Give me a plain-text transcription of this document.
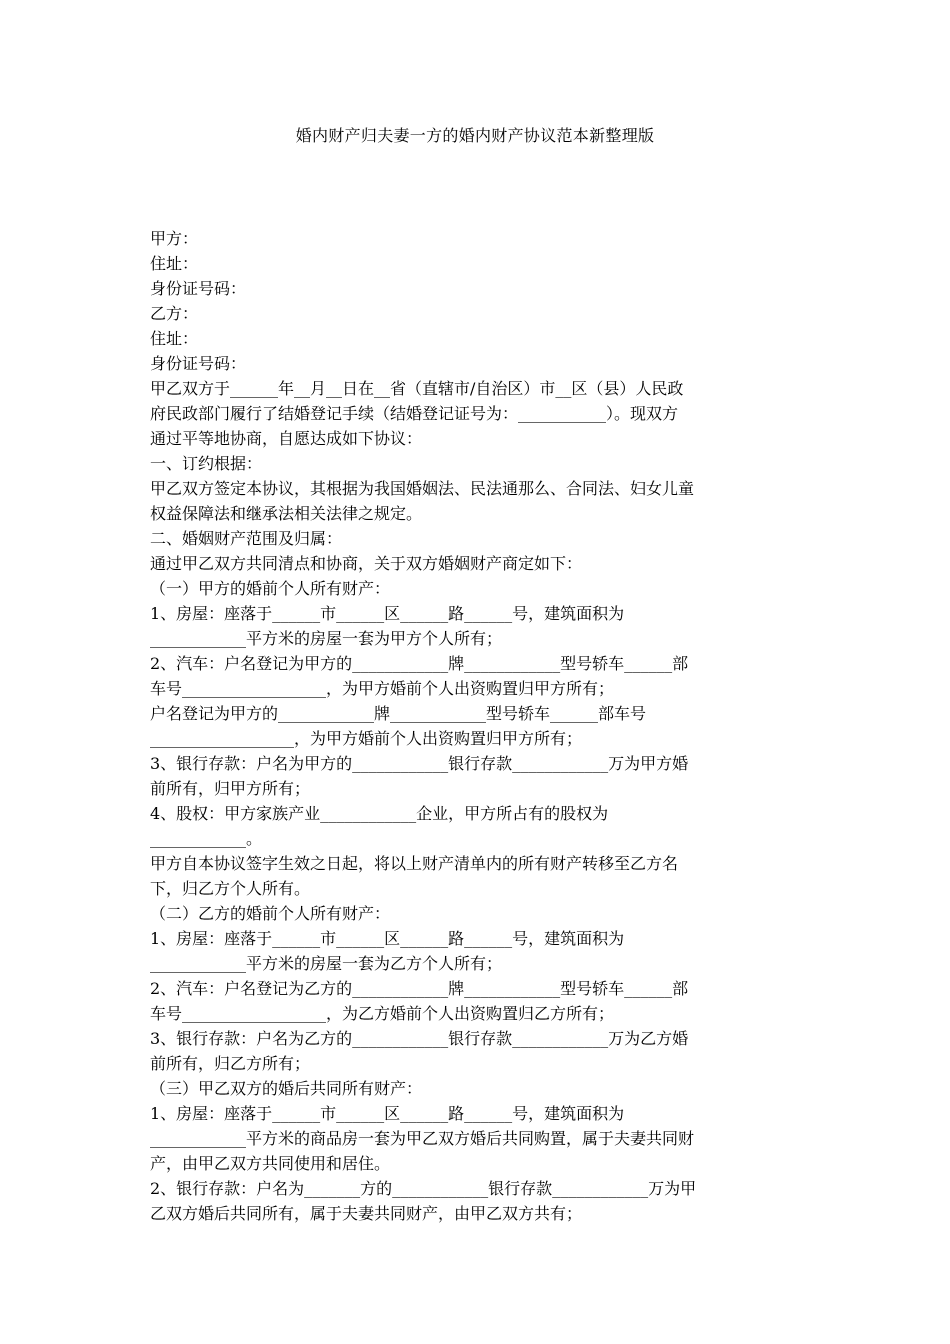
婚内财产归夫妻一方的婚内财产协议范本新整理版
甲方：
住址：
身份证号码：
乙方：
住址：
身份证号码：
甲乙双方于______年__月__日在__省（直辖市/自治区）市__区（县）人民政
府民政部门履行了结婚登记手续（结婚登记证号为：___________）。现双方
通过平等地协商，自愿达成如下协议：
一、订约根据：
甲乙双方签定本协议，其根据为我国婚姻法、民法通那么、合同法、妇女儿童
权益保障法和继承法相关法律之规定。
二、婚姻财产范围及归属：
通过甲乙双方共同清点和协商，关于双方婚姻财产商定如下：
（一）甲方的婚前个人所有财产：
1、房屋：座落于______市______区______路______号，建筑面积为
____________平方米的房屋一套为甲方个人所有；
2、汽车：户名登记为甲方的____________牌____________型号轿车______部
车号__________________，为甲方婚前个人出资购置归甲方所有；
户名登记为甲方的____________牌____________型号轿车______部车号
__________________，为甲方婚前个人出资购置归甲方所有；
3、银行存款：户名为甲方的____________银行存款____________万为甲方婚
前所有，归甲方所有；
4、股权：甲方家族产业____________企业，甲方所占有的股权为
____________。
甲方自本协议签字生效之日起，将以上财产清单内的所有财产转移至乙方名
下，归乙方个人所有。
（二）乙方的婚前个人所有财产：
1、房屋：座落于______市______区______路______号，建筑面积为
____________平方米的房屋一套为乙方个人所有；
2、汽车：户名登记为乙方的____________牌____________型号轿车______部
车号__________________，为乙方婚前个人出资购置归乙方所有；
3、银行存款：户名为乙方的____________银行存款____________万为乙方婚
前所有，归乙方所有；
（三）甲乙双方的婚后共同所有财产：
1、房屋：座落于______市______区______路______号，建筑面积为
____________平方米的商品房一套为甲乙双方婚后共同购置，属于夫妻共同财
产，由甲乙双方共同使用和居住。
2、银行存款：户名为_______方的____________银行存款____________万为甲
乙双方婚后共同所有，属于夫妻共同财产，由甲乙双方共有；
